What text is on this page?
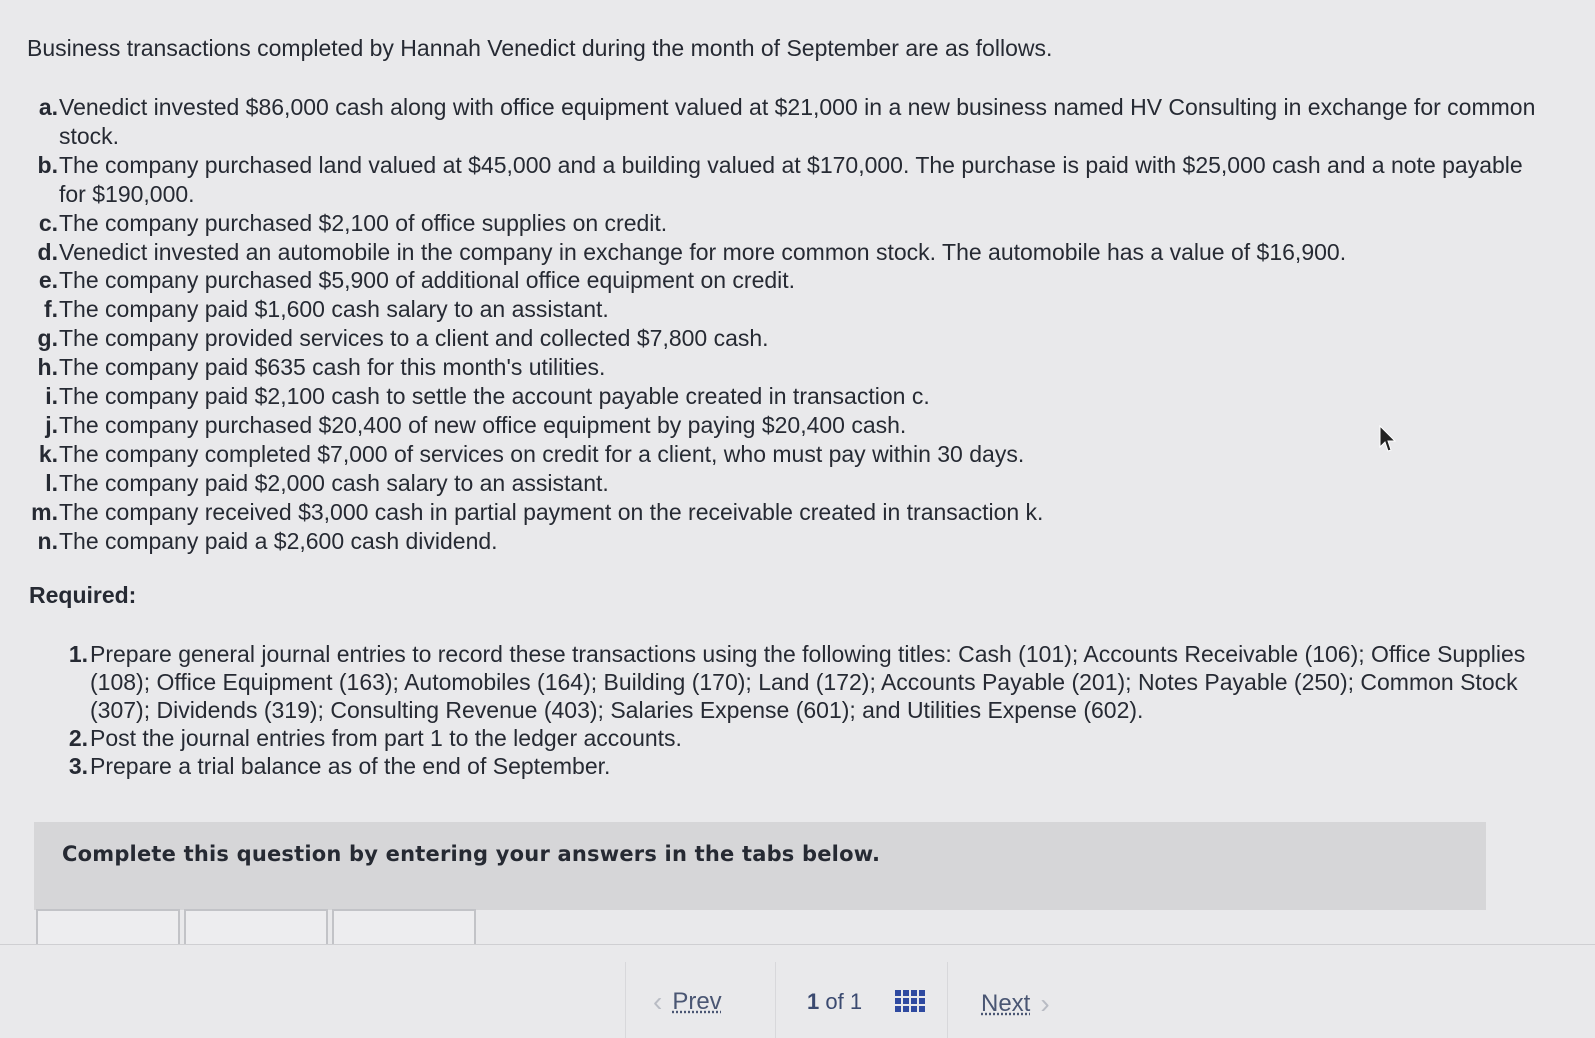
Business transactions completed by Hannah Venedict during the month of September are as follows.

a. Venedict invested $86,000 cash along with office equipment valued at $21,000 in a new business named HV Consulting in exchange for common stock.
b. The company purchased land valued at $45,000 and a building valued at $170,000. The purchase is paid with $25,000 cash and a note payable for $190,000.
c. The company purchased $2,100 of office supplies on credit.
d. Venedict invested an automobile in the company in exchange for more common stock. The automobile has a value of $16,900.
e. The company purchased $5,900 of additional office equipment on credit.
f. The company paid $1,600 cash salary to an assistant.
g. The company provided services to a client and collected $7,800 cash.
h. The company paid $635 cash for this month's utilities.
i. The company paid $2,100 cash to settle the account payable created in transaction c.
j. The company purchased $20,400 of new office equipment by paying $20,400 cash.
k. The company completed $7,000 of services on credit for a client, who must pay within 30 days.
l. The company paid $2,000 cash salary to an assistant.
m. The company received $3,000 cash in partial payment on the receivable created in transaction k.
n. The company paid a $2,600 cash dividend.

Required:

1. Prepare general journal entries to record these transactions using the following titles: Cash (101); Accounts Receivable (106); Office Supplies (108); Office Equipment (163); Automobiles (164); Building (170); Land (172); Accounts Payable (201); Notes Payable (250); Common Stock (307); Dividends (319); Consulting Revenue (403); Salaries Expense (601); and Utilities Expense (602).
2. Post the journal entries from part 1 to the ledger accounts.
3. Prepare a trial balance as of the end of September.
Complete this question by entering your answers in the tabs below.
‹ Prev	1 of 1	Next ›
